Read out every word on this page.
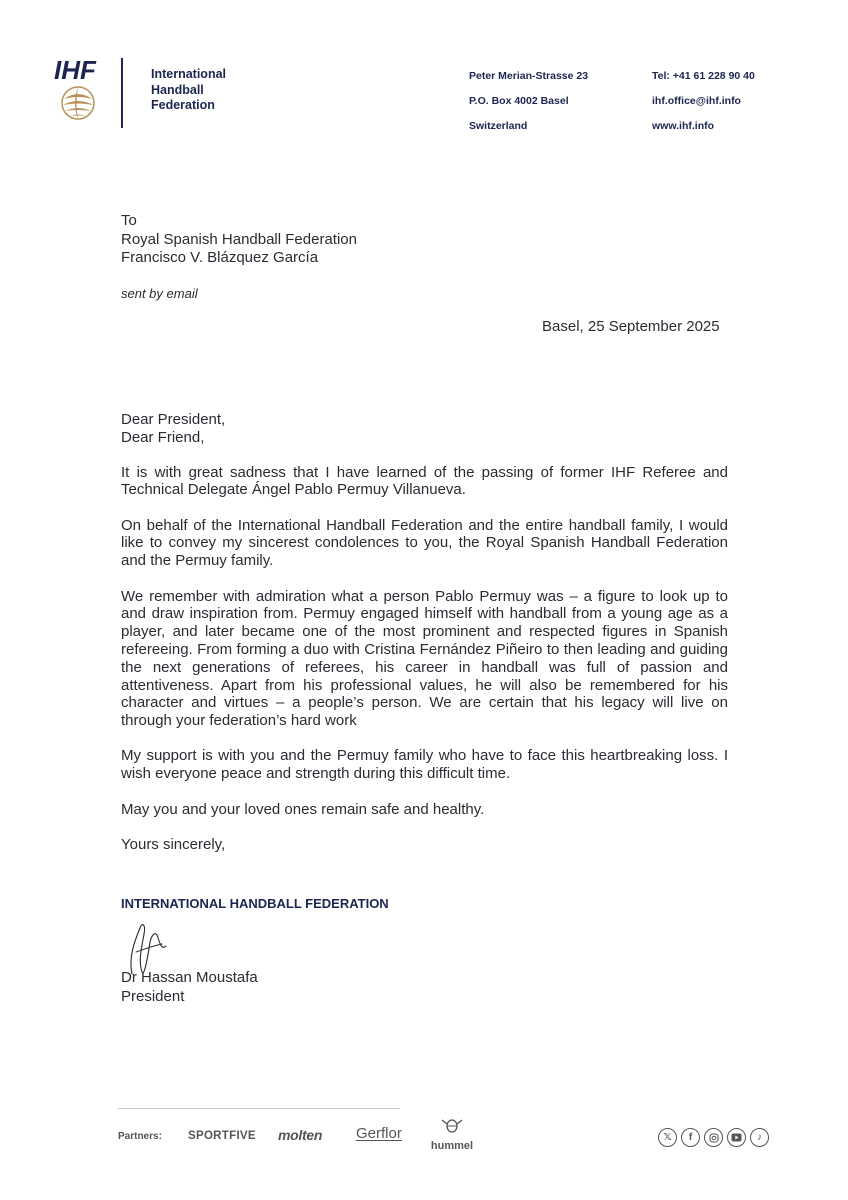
IHF	International
Handball
Federation
Peter Merian-Strasse 23
P.O. Box 4002 Basel
Switzerland
Tel: +41 61 228 90 40
ihf.office@ihf.info
www.ihf.info
To
Royal Spanish Handball Federation
Francisco V. Blázquez García
sent by email
Basel, 25 September 2025

Dear President,
Dear Friend,

It is with great sadness that I have learned of the passing of former IHF Referee and Technical Delegate Ángel Pablo Permuy Villanueva.

On behalf of the International Handball Federation and the entire handball family, I would like to convey my sincerest condolences to you, the Royal Spanish Handball Federation and the Permuy family.

We remember with admiration what a person Pablo Permuy was – a figure to look up to and draw inspiration from. Permuy engaged himself with handball from a young age as a player, and later became one of the most prominent and respected figures in Spanish refereeing. From forming a duo with Cristina Fernández Piñeiro to then leading and guiding the next generations of referees, his career in handball was full of passion and attentiveness. Apart from his professional values, he will also be remembered for his character and virtues – a people’s person. We are certain that his legacy will live on through your federation’s hard work

My support is with you and the Permuy family who have to face this heartbreaking loss. I wish everyone peace and strength during this difficult time.

May you and your loved ones remain safe and healthy.

Yours sincerely,

INTERNATIONAL HANDBALL FEDERATION
Dr Hassan Moustafa
President
Partners: SPORTFIVE molten Gerflor
hummel
𝕏	f	♪
